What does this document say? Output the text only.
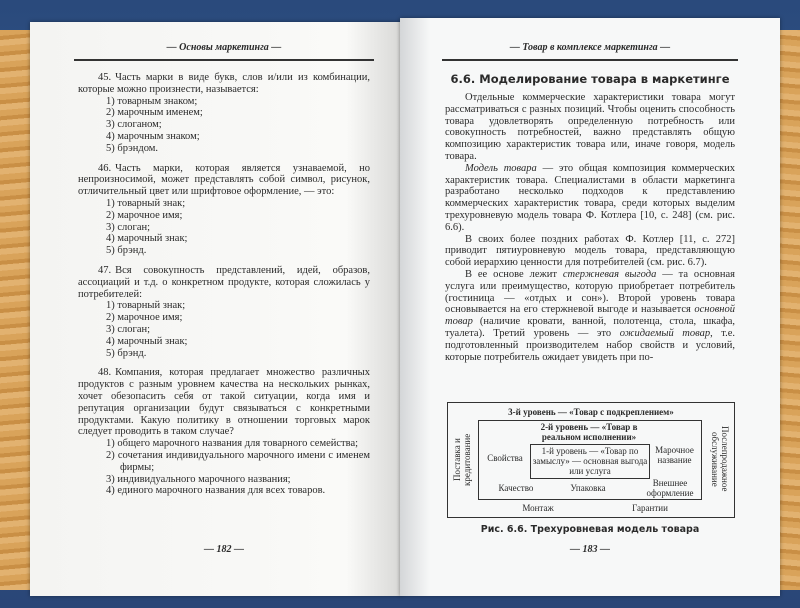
— Основы маркетинга —

45. Часть марки в виде букв, слов и/или из комбинации, которые можно произнести, называется:

1) товарным знаком;
2) марочным именем;
3) слоганом;
4) марочным знаком;
5) брэндом.

46. Часть марки, которая является узнаваемой, но непроизносимой, может представлять собой символ, рисунок, отличительный цвет или шрифтовое оформление, — это:

1) товарный знак;
2) марочное имя;
3) слоган;
4) марочный знак;
5) брэнд.

47. Вся совокупность представлений, идей, образов, ассоциаций и т.д. о конкретном продукте, которая сложилась у потребителей:

1) товарный знак;
2) марочное имя;
3) слоган;
4) марочный знак;
5) брэнд.

48. Компания, которая предлагает множество различных продуктов с разным уровнем качества на нескольких рынках, хочет обезопасить себя от такой ситуации, когда имя и репутация организации будут связываться с конкретными продуктами. Какую политику в отношении торговых марок следует проводить в таком случае?

1) общего марочного названия для товарного семейства;
2) сочетания индивидуального марочного имени с именем фирмы;
3) индивидуального марочного названия;
4) единого марочного названия для всех товаров.
— 182 —
— Товар в комплексе маркетинга —
6.6. Моделирование товара в маркетинге

Отдельные коммерческие характеристики товара могут рассматриваться с разных позиций. Чтобы оценить способность товара удовлетворять определенную потребность или совокупность потребностей, важно представлять общую композицию характеристик товара или, иначе говоря, модель товара.

Модель товара — это общая композиция коммерческих характеристик товара. Специалистами в области маркетинга разработано несколько подходов к представлению коммерческих характеристик товара, среди которых выделим трехуровневую модель товара Ф. Котлера [10, с. 248] (см. рис. 6.6).

В своих более поздних работах Ф. Котлер [11, с. 272] приводит пятиуровневую модель товара, представляющую собой иерархию ценности для потребителей (см. рис. 6.7).

В ее основе лежит стержневая выгода — та основная услуга или преимущество, которую приобретает потребитель (гостиница — «отдых и сон»). Второй уровень товара основывается на его стержневой выгоде и называется основной товар (наличие кровати, ванной, полотенца, стола, шкафа, туалета). Третий уровень — это ожидаемый товар, т.е. подготовленный производителем набор свойств и условий, которые потребитель ожидает увидеть при по-

3-й уровень — «Товар с подкреплением»
2-й уровень — «Товар в реальном исполнении»
1-й уровень — «Товар по замыслу» — основная выгода или услуга
Свойства
Марочное название
Качество	Упаковка	Внешнее оформление
Поставка и кредитование	Послепродажное обслуживание
Монтаж	Гарантии
Рис. 6.6. Трехуровневая модель товара
— 183 —
